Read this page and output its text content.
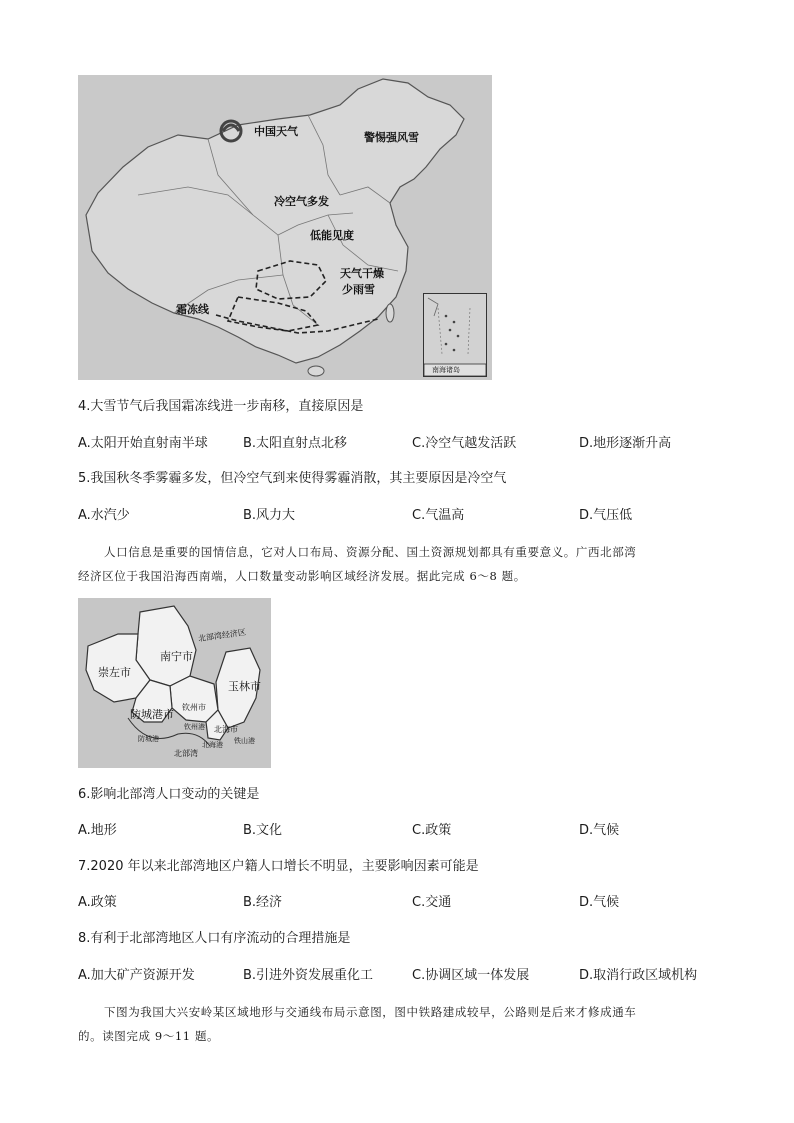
中国天气	警惕强风雪
冷空气多发
低能见度
天气干燥
少雨雪
霜冻线
南海诸岛
4.大雪节气后我国霜冻线进一步南移，直接原因是
A.太阳开始直射南半球	B.太阳直射点北移	C.冷空气越发活跃	D.地形逐渐升高
5.我国秋冬季雾霾多发，但冷空气到来使得雾霾消散，其主要原因是冷空气
A.水汽少	B.风力大	C.气温高	D.气压低
人口信息是重要的国情信息，它对人口布局、资源分配、国土资源规划都具有重要意义。广西北部湾
经济区位于我国沿海西南端，人口数量变动影响区域经济发展。据此完成 6～8 题。
北部湾经济区
南宁市
崇左市
玉林市
钦州市
防城港市
防城港
北海市
北部湾
钦州港
北海港 铁山港
6.影响北部湾人口变动的关键是
A.地形	B.文化	C.政策	D.气候
7.2020 年以来北部湾地区户籍人口增长不明显，主要影响因素可能是
A.政策	B.经济	C.交通	D.气候
8.有利于北部湾地区人口有序流动的合理措施是
A.加大矿产资源开发	B.引进外资发展重化工	C.协调区域一体发展	D.取消行政区域机构
下图为我国大兴安岭某区域地形与交通线布局示意图，图中铁路建成较早，公路则是后来才修成通车
的。读图完成 9～11 题。
